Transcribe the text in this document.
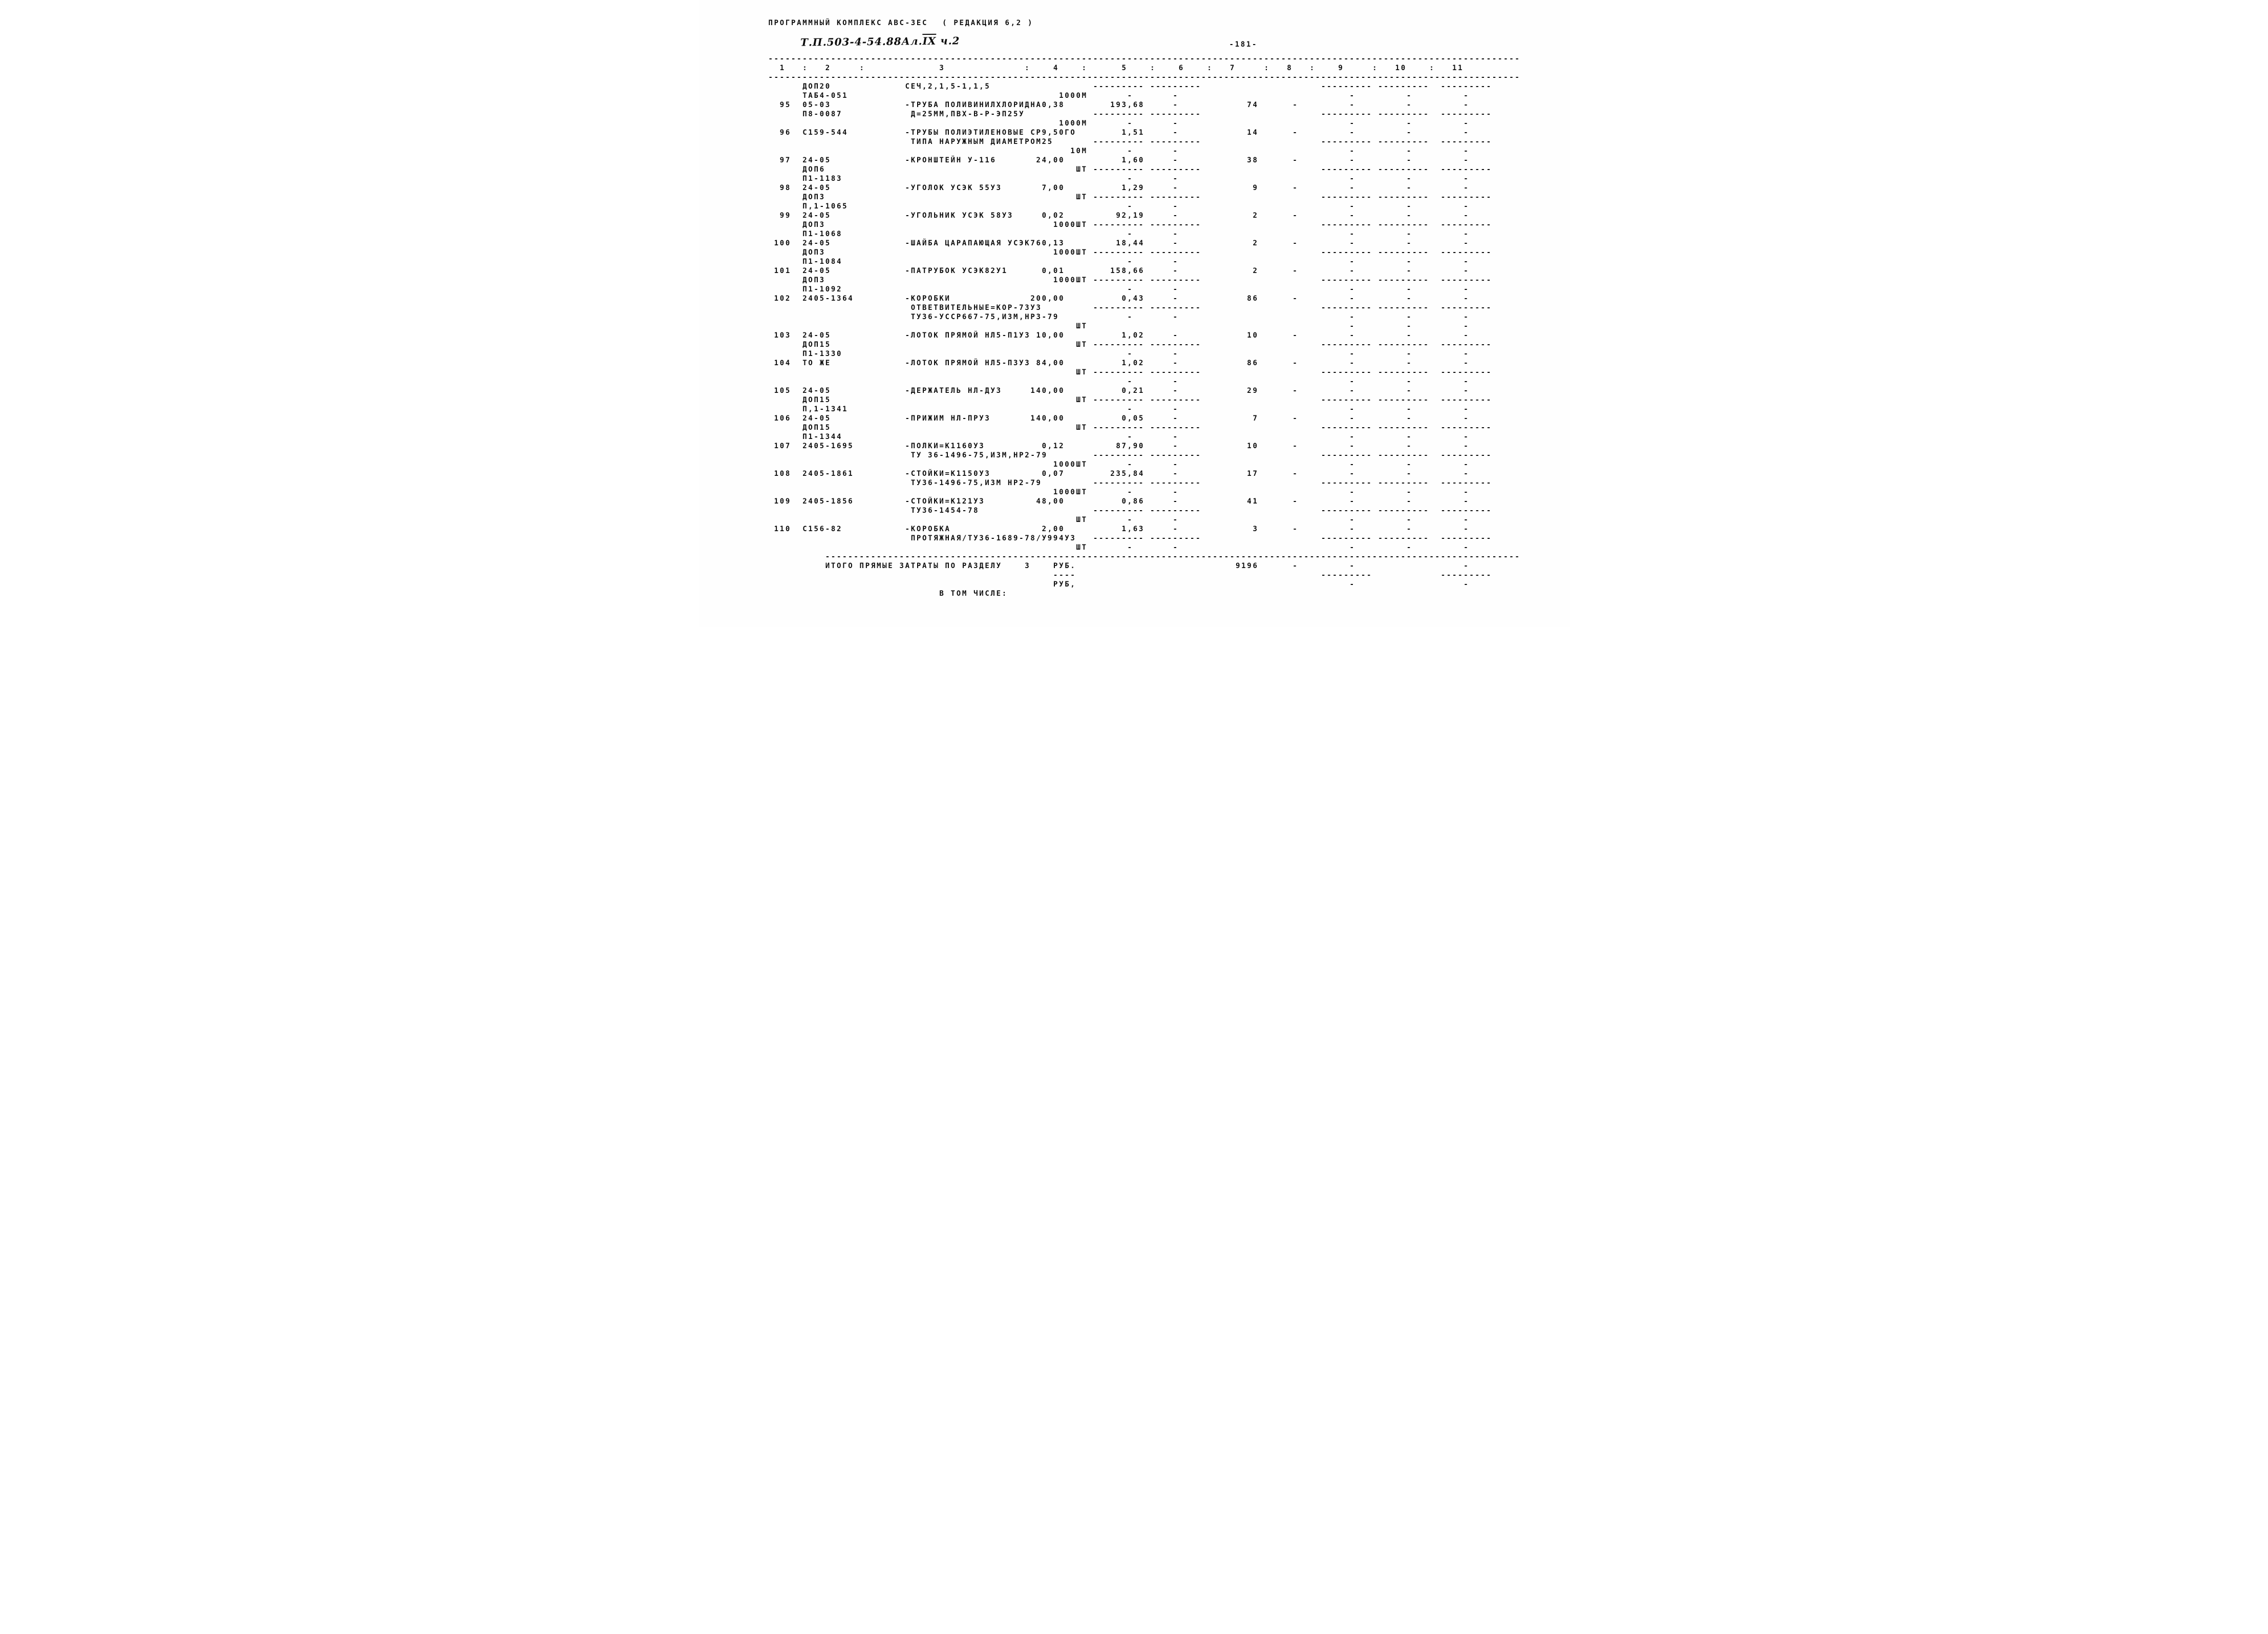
ПРОГРАММНЫЙ КОМПЛЕКС АВС-3ЕС ( РЕДАКЦИЯ 6,2 )

$Т.П.503-4-54.88Ал.\overline{IX}$ ч.2

	-181-

------------------------------------------------------------------------------------------------------------------------------------
1   :   2     :             3              :    4    :      5    :    6    :   7     :   8   :    9     :   10    :   11
------------------------------------------------------------------------------------------------------------------------------------
ДОП20             СЕЧ,2,1,5-1,1,5                  --------- ---------                     --------- ---------  ---------
ТАБ4-051                                     1000М       -       -                              -         -         -
95  05-03             -ТРУБА ПОЛИВИНИЛХЛОРИДНА0,38        193,68     -            74      -         -         -         -
П8-0087            Д=25ММ,ПВХ-В-Р-ЭП25У            --------- ---------                     --------- ---------  ---------
1000М       -       -                              -         -         -
96  С159-544          -ТРУБЫ ПОЛИЭТИЛЕНОВЫЕ СР9,50ГО        1,51     -            14      -         -         -         -
ТИПА НАРУЖНЫМ ДИАМЕТРОМ25       --------- ---------                     --------- ---------  ---------
10М       -       -                              -         -         -
97  24-05             -КРОНШТЕЙН У-116       24,00          1,60     -            38      -         -         -         -
ДОП6                                            ШТ --------- ---------                     --------- ---------  ---------
П1-1183                                                  -       -                              -         -         -
98  24-05             -УГОЛОК УСЭК 55У3       7,00          1,29     -             9      -         -         -         -
ДОП3                                            ШТ --------- ---------                     --------- ---------  ---------
П,1-1065                                                 -       -                              -         -         -
99  24-05             -УГОЛЬНИК УСЭК 58У3     0,02         92,19     -             2      -         -         -         -
ДОП3                                        1000ШТ --------- ---------                     --------- ---------  ---------
П1-1068                                                  -       -                              -         -         -
100  24-05             -ШАЙБА ЦАРАПАЮЩАЯ УСЭК760,13         18,44     -             2      -         -         -         -
ДОП3                                        1000ШТ --------- ---------                     --------- ---------  ---------
П1-1084                                                  -       -                              -         -         -
101  24-05             -ПАТРУБОК УСЭК82У1      0,01        158,66     -             2      -         -         -         -
ДОП3                                        1000ШТ --------- ---------                     --------- ---------  ---------
П1-1092                                                  -       -                              -         -         -
102  2405-1364         -КОРОБКИ              200,00          0,43     -            86      -         -         -         -
ОТВЕТВИТЕЛЬНЫЕ=КОР-73У3         --------- ---------                     --------- ---------  ---------
ТУ36-УССР667-75,ИЗМ,НР3-79            -       -                              -         -         -
ШТ                                              -         -         -
103  24-05             -ЛОТОК ПРЯМОЙ НЛ5-П1У3 10,00          1,02     -            10      -         -         -         -
ДОП15                                           ШТ --------- ---------                     --------- ---------  ---------
П1-1330                                                  -       -                              -         -         -
104  ТО ЖЕ             -ЛОТОК ПРЯМОЙ НЛ5-П3У3 84,00          1,02     -            86      -         -         -         -
ШТ --------- ---------                     --------- ---------  ---------
-       -                              -         -         -
105  24-05             -ДЕРЖАТЕЛЬ НЛ-ДУ3     140,00          0,21     -            29      -         -         -         -
ДОП15                                           ШТ --------- ---------                     --------- ---------  ---------
П,1-1341                                                 -       -                              -         -         -
106  24-05             -ПРИЖИМ НЛ-ПРУ3       140,00          0,05     -             7      -         -         -         -
ДОП15                                           ШТ --------- ---------                     --------- ---------  ---------
П1-1344                                                  -       -                              -         -         -
107  2405-1695         -ПОЛКИ=К1160У3          0,12         87,90     -            10      -         -         -         -
ТУ 36-1496-75,ИЗМ,НР2-79        --------- ---------                     --------- ---------  ---------
1000ШТ       -       -                              -         -         -
108  2405-1861         -СТОЙКИ=К1150У3         0,07        235,84     -            17      -         -         -         -
ТУ36-1496-75,ИЗМ НР2-79         --------- ---------                     --------- ---------  ---------
1000ШТ       -       -                              -         -         -
109  2405-1856         -СТОЙКИ=К121У3         48,00          0,86     -            41      -         -         -         -
ТУ36-1454-78                    --------- ---------                     --------- ---------  ---------
ШТ       -       -                              -         -         -
110  С156-82           -КОРОБКА                2,00          1,63     -             3      -         -         -         -
ПРОТЯЖНАЯ/ТУ36-1689-78/У994У3   --------- ---------                     --------- ---------  ---------
ШТ       -       -                              -         -         -
--------------------------------------------------------------------------------------------------------------------------
ИТОГО ПРЯМЫЕ ЗАТРАТЫ ПО РАЗДЕЛУ    3    РУБ.                            9196      -         -                   -
----                                           ---------            ---------
РУБ,                                                -                   -
В ТОМ ЧИСЛЕ:
